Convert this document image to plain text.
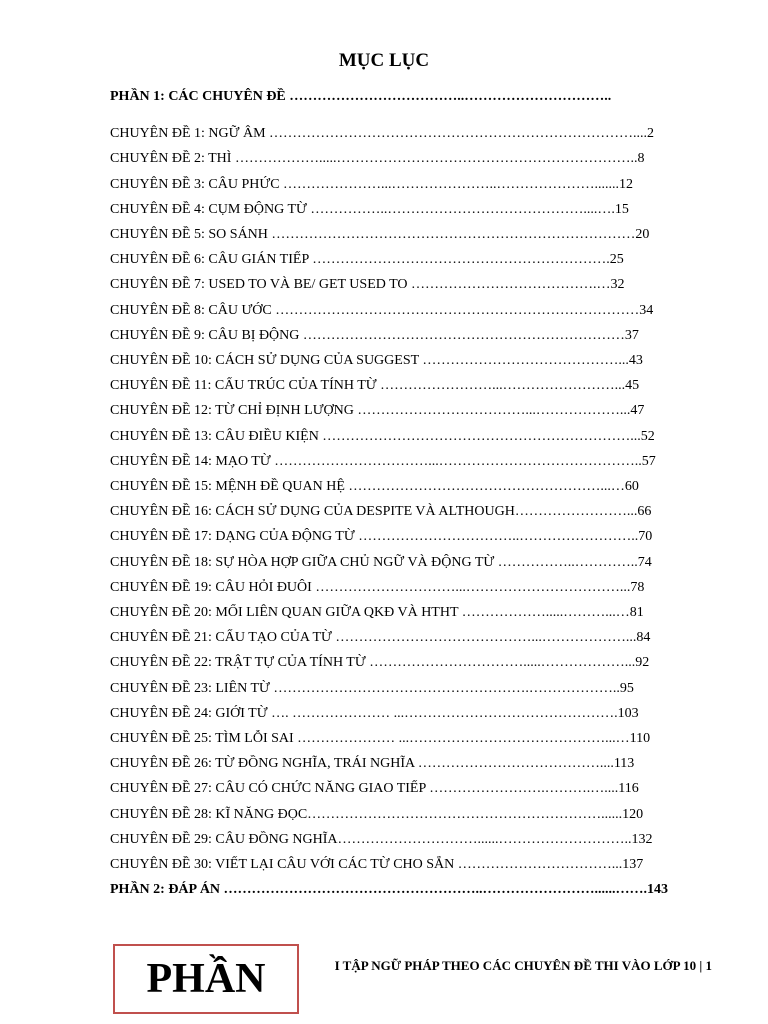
MỤC LỤC
PHẦN 1: CÁC CHUYÊN ĐỀ ………………………………..…………………………..
CHUYÊN ĐỀ 1: NGỮ ÂM ……………………………………………………………………....2
CHUYÊN ĐỀ 2: THÌ ……………….....………………………………………………………..8
CHUYÊN ĐỀ 3: CÂU PHỨC …………………...…………………..………………….......12
CHUYÊN ĐỀ 4: CỤM ĐỘNG TỪ ……………..……………………………………....….15
CHUYÊN ĐỀ 5: SO SÁNH ……………………………………………………………………20
CHUYÊN ĐỀ 6: CÂU GIÁN TIẾP ……………………………………………………….25
CHUYÊN ĐỀ 7: USED TO VÀ BE/ GET USED TO ………………………………….…32
CHUYÊN ĐỀ 8: CÂU ƯỚC ……………………………………………………………………34
CHUYÊN ĐỀ 9: CÂU BỊ ĐỘNG ……………………………………………………………37
CHUYÊN ĐỀ 10: CÁCH SỬ DỤNG CỦA SUGGEST ……………………………………...43
CHUYÊN ĐỀ 11: CẤU TRÚC CỦA TÍNH TỪ ……………………...……………………...45
CHUYÊN ĐỀ 12: TỪ CHỈ ĐỊNH LƯỢNG ………………………………...………………...47
CHUYÊN ĐỀ 13: CÂU ĐIỀU KIỆN …………………………………………………………...52
CHUYÊN ĐỀ 14: MẠO TỪ ……………………………...……………………………………..57
CHUYÊN ĐỀ 15: MỆNH ĐỀ QUAN HỆ ………………………………………………...…60
CHUYÊN ĐỀ 16: CÁCH SỬ DỤNG CỦA DESPITE VÀ ALTHOUGH……………………...66
CHUYÊN ĐỀ 17: DẠNG CỦA ĐỘNG TỪ ……………………………..……………………..70
CHUYÊN ĐỀ 18: SỰ HÒA HỢP GIỮA CHỦ NGỮ VÀ ĐỘNG TỪ ……………..…………..74
CHUYÊN ĐỀ 19: CÂU HỎI ĐUÔI …………………………...……………………………...78
CHUYÊN ĐỀ 20: MỐI LIÊN QUAN GIỮA QKĐ VÀ HTHT ……………….....………...…81
CHUYÊN ĐỀ 21: CẤU TẠO CỦA TỪ ……………………………………...………………...84
CHUYÊN ĐỀ 22: TRẬT TỰ CỦA TÍNH TỪ …………………………….....………………...92
CHUYÊN ĐỀ 23: LIÊN TỪ ……………………………………………….………………..95
CHUYÊN ĐỀ 24: GIỚI TỪ …. ………………… ...……………………………………….103
CHUYÊN ĐỀ 25: TÌM LỖI SAI ………………… ...……………………………………...…110
CHUYÊN ĐỀ 26: TỪ ĐỒNG NGHĨA, TRÁI NGHĨA …………………………………....113
CHUYÊN ĐỀ 27: CÂU CÓ CHỨC NĂNG GIAO TIẾP …………………….……….…....116
CHUYÊN ĐỀ 28: KĨ NĂNG ĐỌC………………………………………………………......120
CHUYÊN ĐỀ 29: CÂU ĐỒNG NGHĨA…………………………......………………………..132
CHUYÊN ĐỀ 30: VIẾT LẠI CÂU VỚI CÁC TỪ CHO SẴN ……………………………...137
PHẦN 2: ĐÁP ÁN ………………………………………………..……………………......…….143
I TẬP NGỮ PHÁP THEO CÁC CHUYÊN ĐỀ THI VÀO LỚP 10 | 1
PHẦN
